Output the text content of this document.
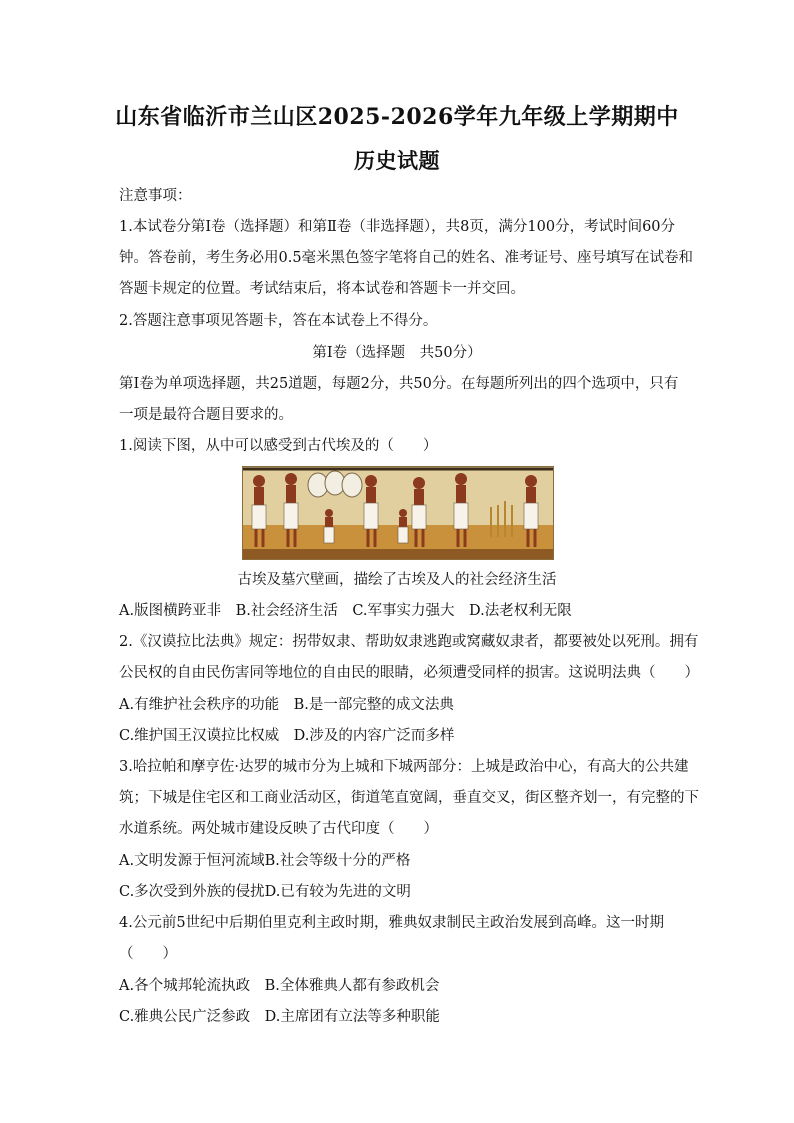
山东省临沂市兰山区2025-2026学年九年级上学期期中
历史试题
注意事项：
1.本试卷分第Ⅰ卷（选择题）和第Ⅱ卷（非选择题），共8页，满分100分，考试时间60分
钟。答卷前，考生务必用0.5毫米黑色签字笔将自己的姓名、准考证号、座号填写在试卷和
答题卡规定的位置。考试结束后，将本试卷和答题卡一并交回。
2.答题注意事项见答题卡，答在本试卷上不得分。
第Ⅰ卷（选择题　共50分）
第Ⅰ卷为单项选择题，共25道题，每题2分，共50分。在每题所列出的四个选项中，只有
一项是最符合题目要求的。
1.阅读下图，从中可以感受到古代埃及的（　　）
古埃及墓穴壁画，描绘了古埃及人的社会经济生活
A.版图横跨亚非　B.社会经济生活　C.军事实力强大　D.法老权利无限
2.《汉谟拉比法典》规定：拐带奴隶、帮助奴隶逃跑或窝藏奴隶者，都要被处以死刑。拥有
公民权的自由民伤害同等地位的自由民的眼睛，必须遭受同样的损害。这说明法典（　　）
A.有维护社会秩序的功能　B.是一部完整的成文法典
C.维护国王汉谟拉比权威　D.涉及的内容广泛而多样
3.哈拉帕和摩亨佐·达罗的城市分为上城和下城两部分：上城是政治中心，有高大的公共建
筑；下城是住宅区和工商业活动区，街道笔直宽阔，垂直交叉，街区整齐划一，有完整的下
水道系统。两处城市建设反映了古代印度（　　）
A.文明发源于恒河流域B.社会等级十分的严格
C.多次受到外族的侵扰D.已有较为先进的文明
4.公元前5世纪中后期伯里克利主政时期，雅典奴隶制民主政治发展到高峰。这一时期
（　　）
A.各个城邦轮流执政　B.全体雅典人都有参政机会
C.雅典公民广泛参政　D.主席团有立法等多种职能
